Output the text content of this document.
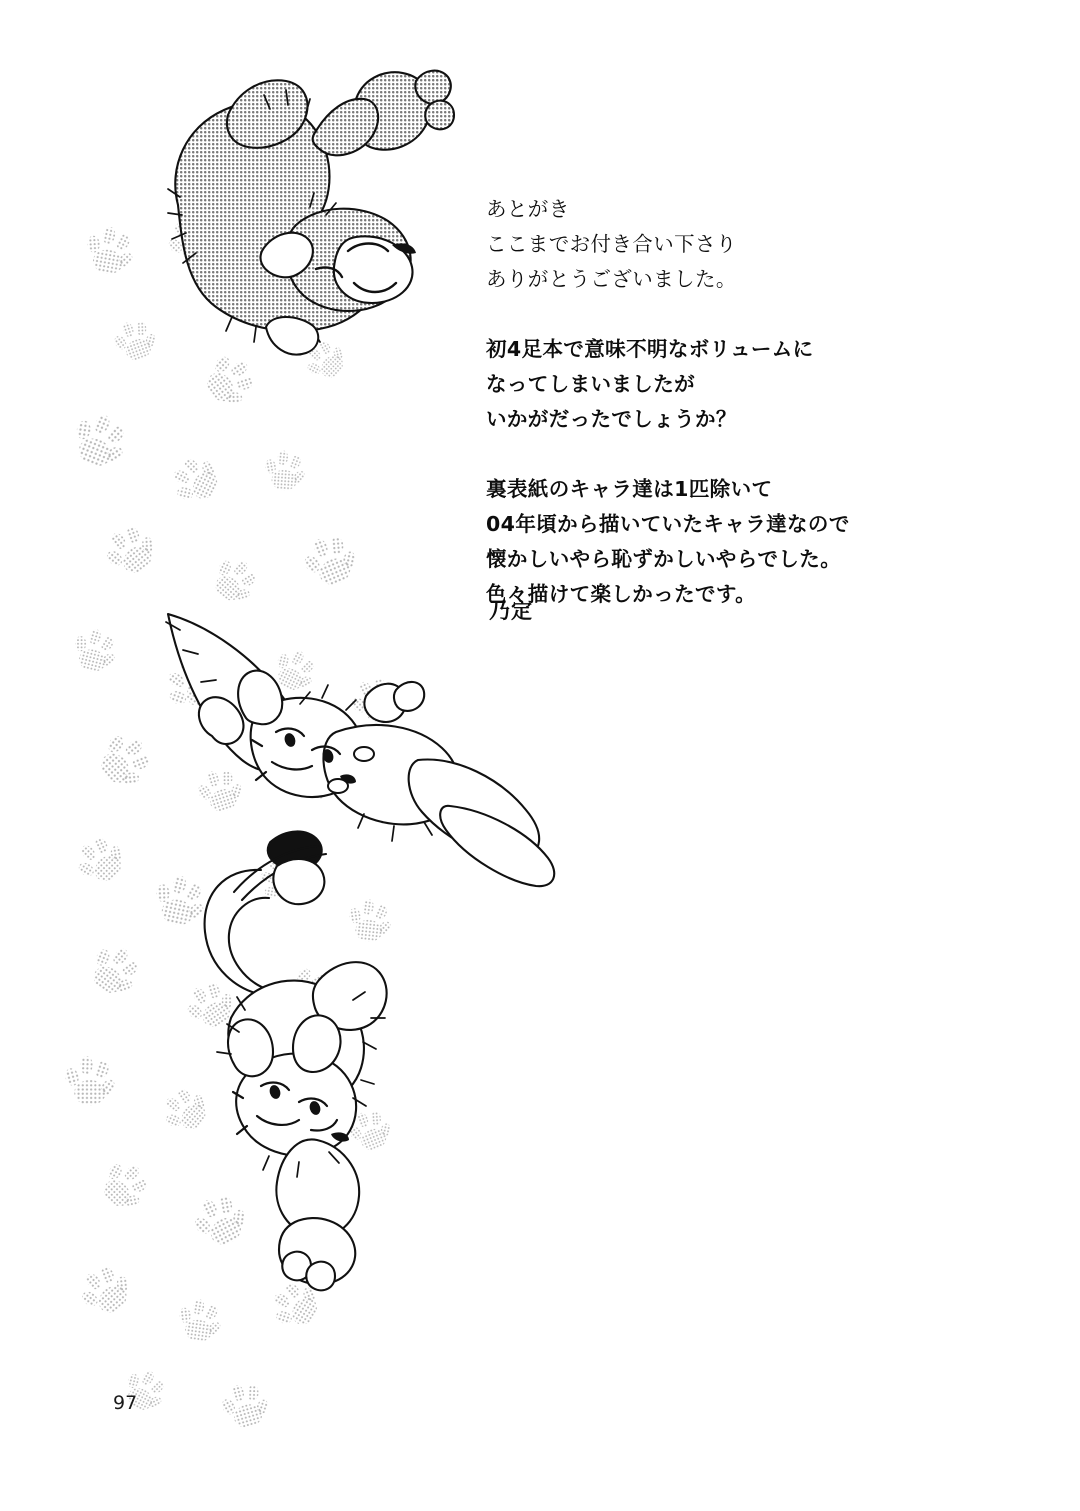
あとがき

ここまでお付き合い下さり

ありがとうございました。

初4足本で意味不明なボリュームに

なってしまいましたが

いかがだったでしょうか？

裏表紙のキャラ達は1匹除いて

04年頃から描いていたキャラ達なので

懐かしいやら恥ずかしいやらでした。

色々描けて楽しかったです。

乃定
97
